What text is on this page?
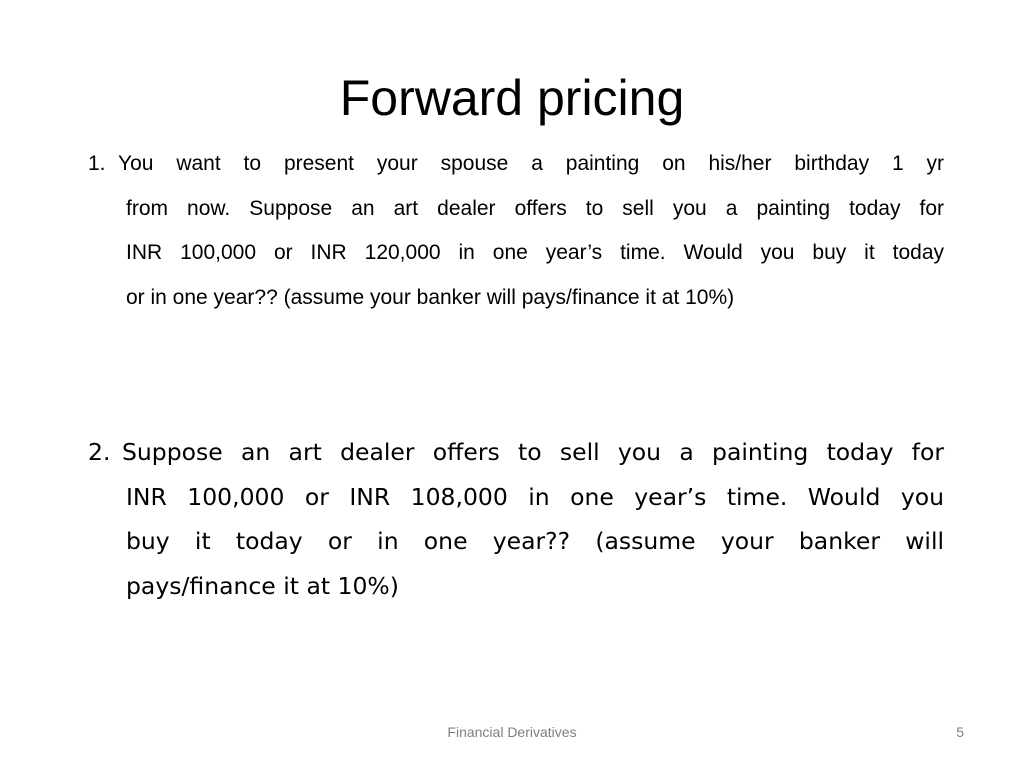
Forward pricing
1. You want to present your spouse a painting on his/her birthday 1 yr
from now. Suppose an art dealer offers to sell you a painting today for
INR 100,000 or INR 120,000 in one year’s time. Would you buy it today
or in one year?? (assume your banker will pays/finance it at 10%)
2. Suppose an art dealer offers to sell you a painting today for
INR 100,000 or INR 108,000 in one year’s time. Would you
buy it today or in one year?? (assume your banker will
pays/finance it at 10%)
Financial Derivatives	5
